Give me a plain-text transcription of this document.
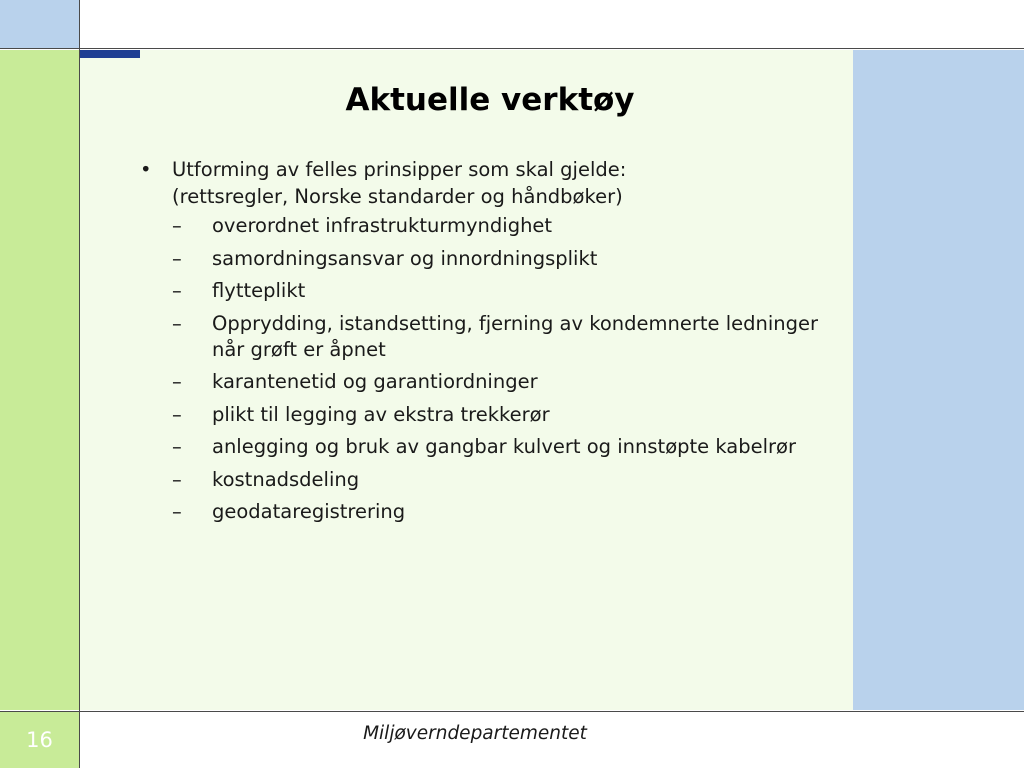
Aktuelle verktøy
• Utforming av felles prinsipper som skal gjelde:
(rettsregler, Norske standarder og håndbøker)
– overordnet infrastrukturmyndighet
– samordningsansvar og innordningsplikt
– flytteplikt
– Opprydding, istandsetting, fjerning av kondemnerte ledninger når grøft er åpnet
– karantenetid og garantiordninger
– plikt til legging av ekstra trekkerør
– anlegging og bruk av gangbar kulvert og innstøpte kabelrør
– kostnadsdeling
– geodataregistrering
16	Miljøverndepartementet
